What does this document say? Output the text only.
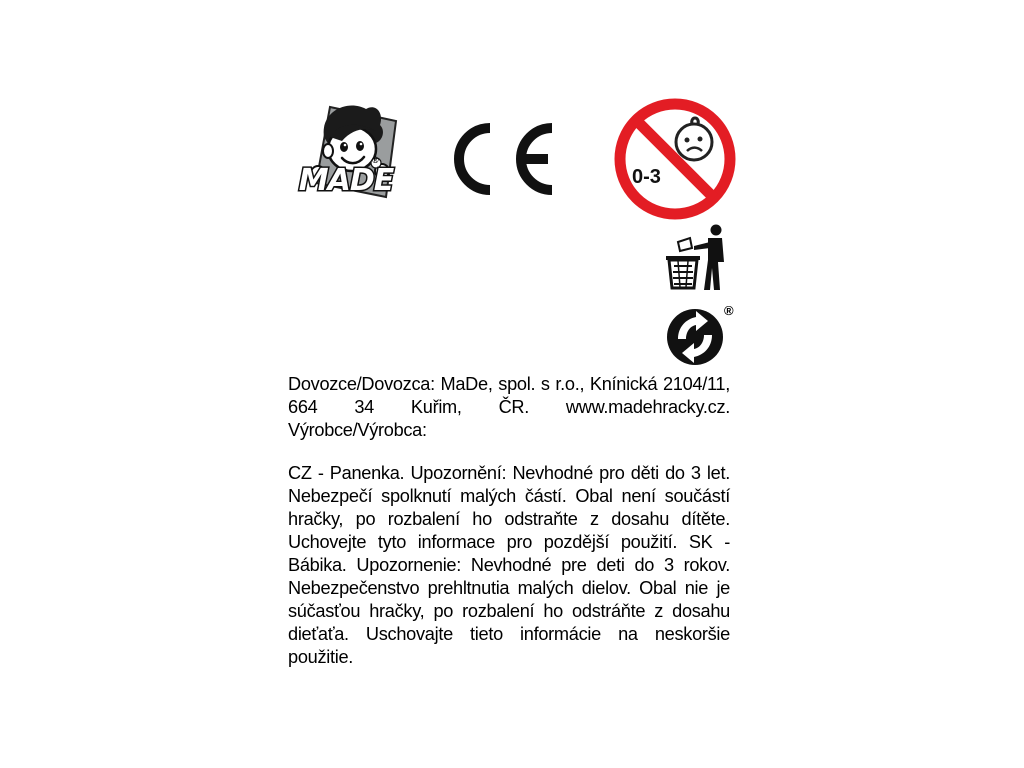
MADE
®
0-3
®
Dovozce/Dovozca: MaDe, spol. s r.o., Knínická 2104/11, 664 34 Kuřim, ČR. www.madehracky.cz. Výrobce/Výrobca:
CZ - Panenka. Upozornění: Nevhodné pro děti do 3 let. Nebezpečí spolknutí malých částí. Obal není součástí hračky, po rozbalení ho odstraňte z dosahu dítěte. Uchovejte tyto informace pro pozdější použití. SK - Bábika. Upozornenie: Nevhodné pre deti do 3 rokov. Nebezpečenstvo prehltnutia malých dielov. Obal nie je súčasťou hračky, po rozbalení ho odstráňte z dosahu dieťaťa. Uschovajte tieto informácie na neskoršie použitie.
